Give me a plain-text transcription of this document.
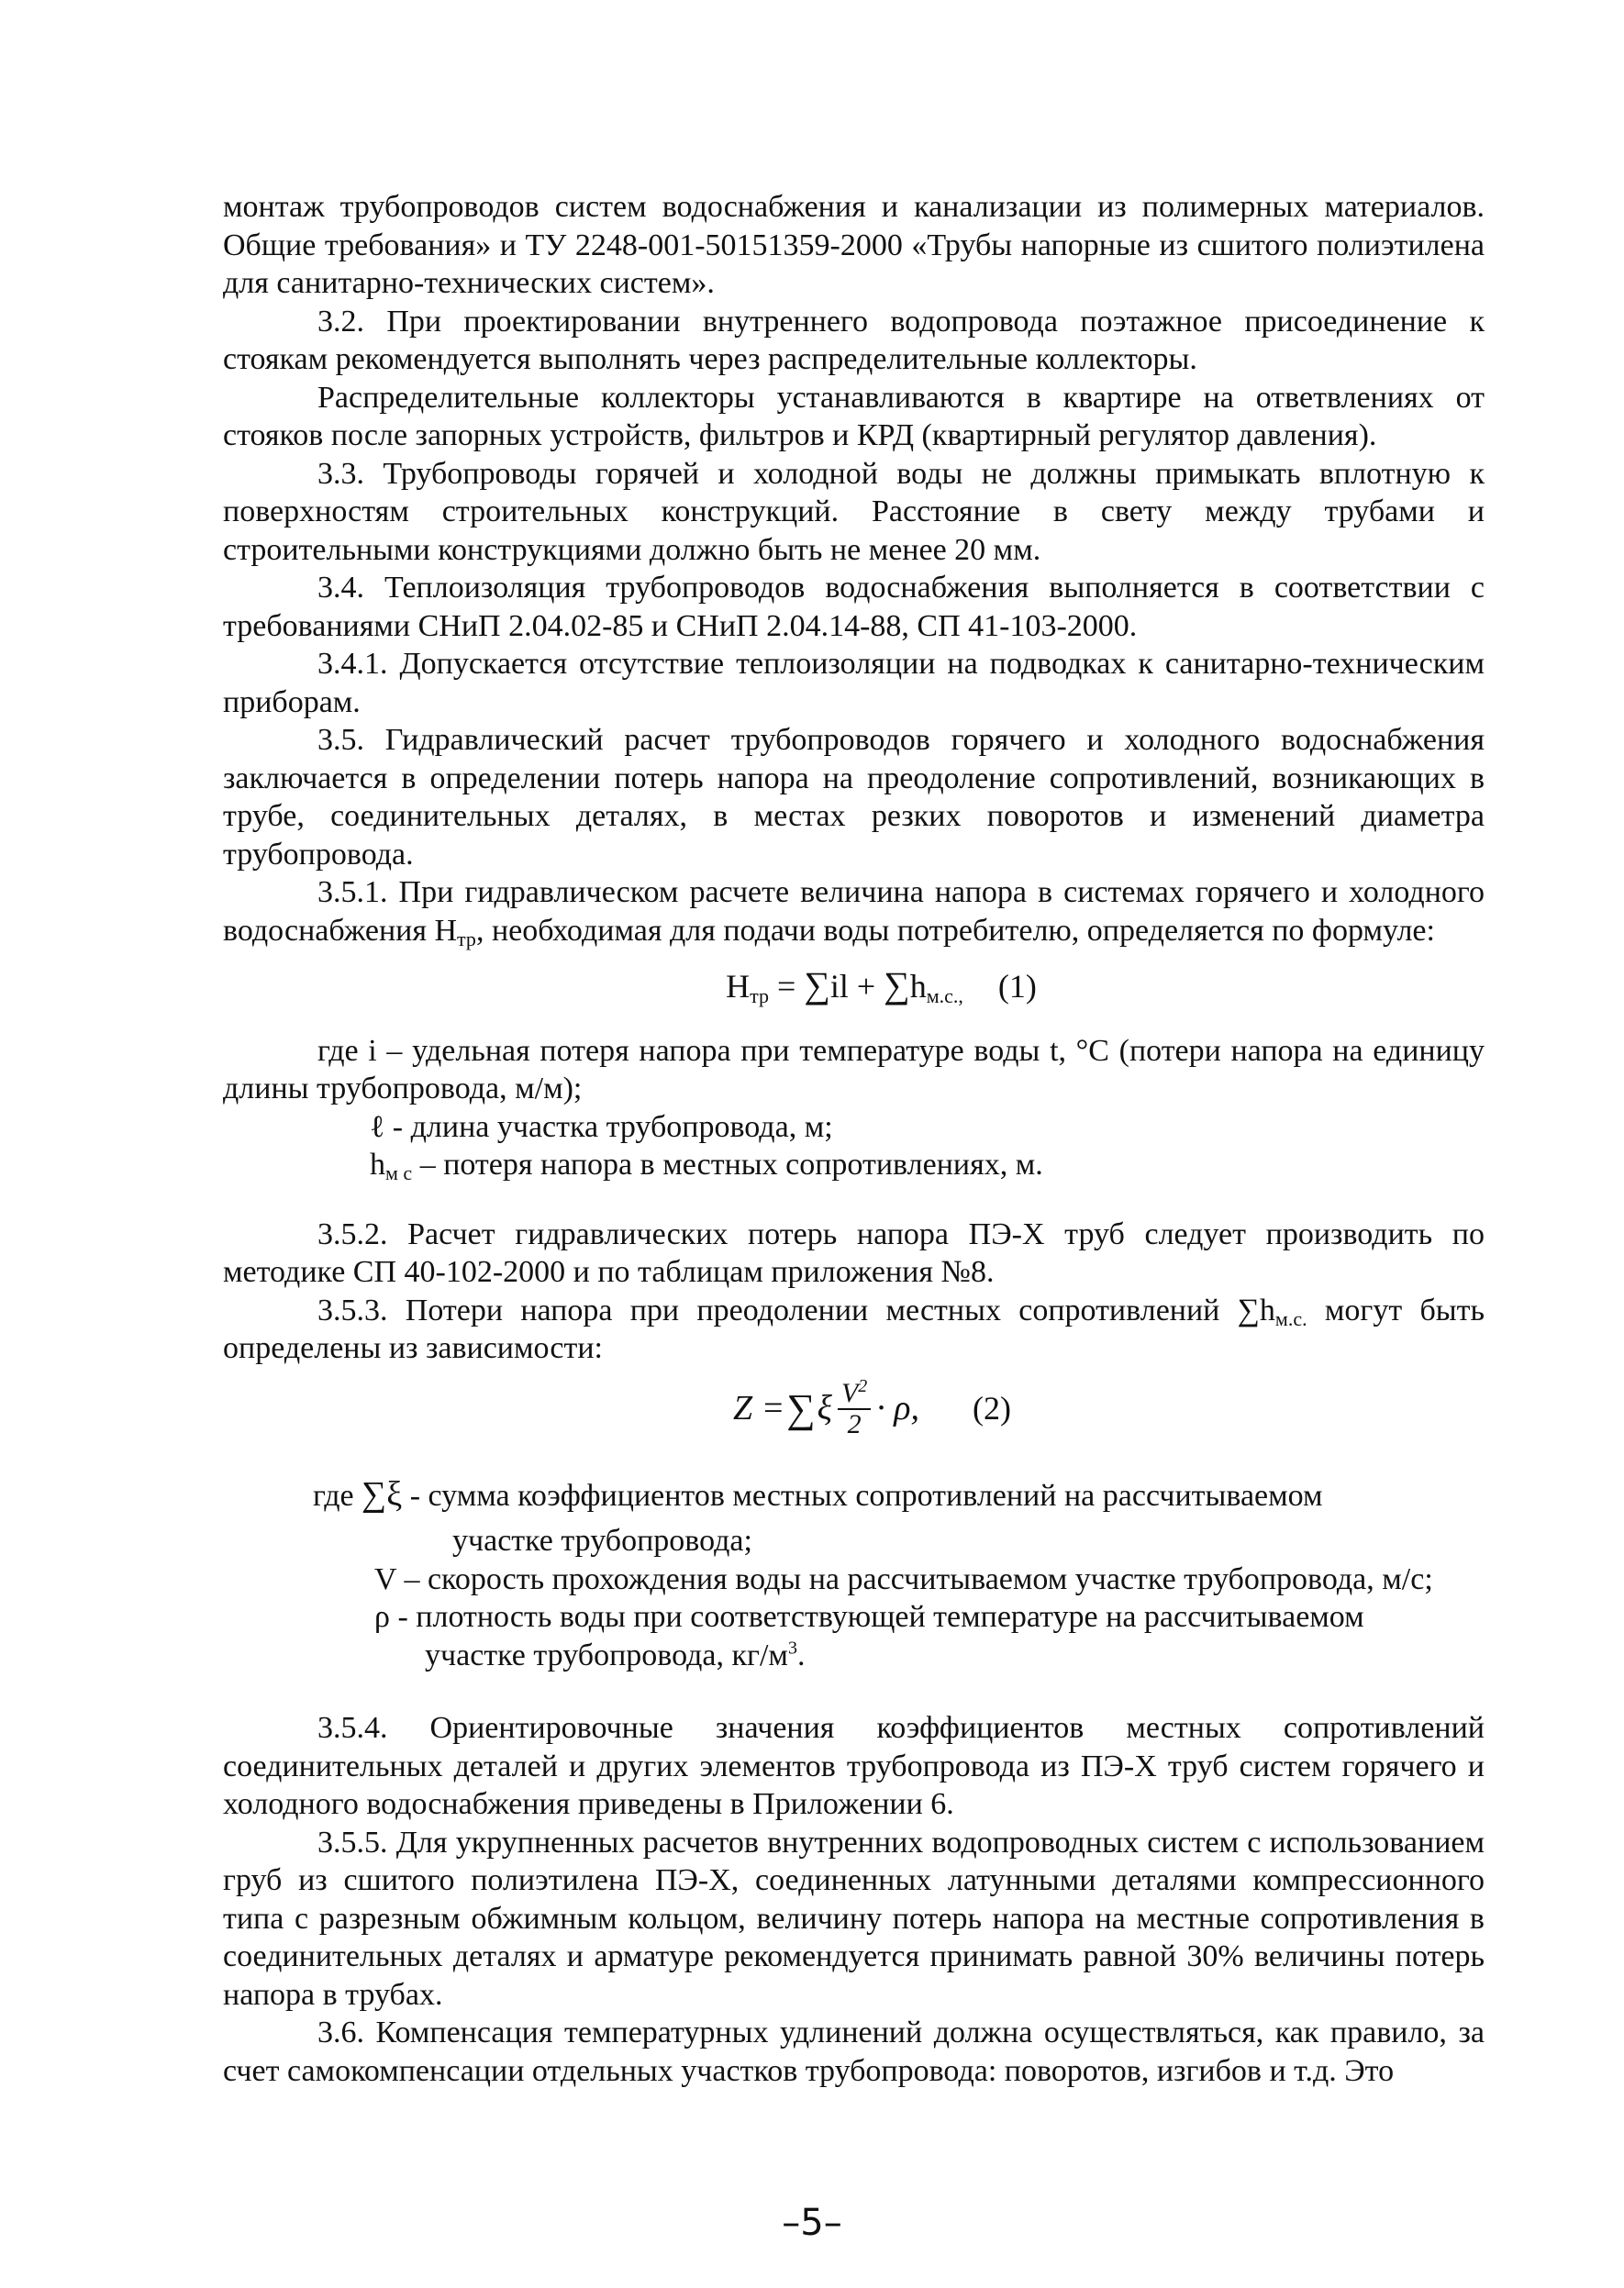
монтаж трубопроводов систем водоснабжения и канализации из полимерных материалов. Общие требования» и ТУ 2248-001-50151359-2000 «Трубы напорные из сшитого полиэтилена для санитарно-технических систем».

3.2. При проектировании внутреннего водопровода поэтажное присоединение к стоякам рекомендуется выполнять через распределительные коллекторы.

Распределительные коллекторы устанавливаются в квартире на ответвлениях от стояков после запорных устройств, фильтров и КРД (квартирный регулятор давления).

3.3. Трубопроводы горячей и холодной воды не должны примыкать вплотную к поверхностям строительных конструкций. Расстояние в свету между трубами и строительными конструкциями должно быть не менее 20 мм.

3.4. Теплоизоляция трубопроводов водоснабжения выполняется в соответствии с требованиями СНиП 2.04.02-85 и СНиП 2.04.14-88, СП 41-103-2000.

3.4.1. Допускается отсутствие теплоизоляции на подводках к санитарно-техническим приборам.

3.5. Гидравлический расчет трубопроводов горячего и холодного водоснабжения заключается в определении потерь напора на преодоление сопротивлений, возникающих в трубе, соединительных деталях, в местах резких поворотов и изменений диаметра трубопровода.

3.5.1. При гидравлическом расчете величина напора в системах горячего и холодного водоснабжения $H_{тр}$, необходимая для подачи воды потребителю, определяется по формуле:

$H_{тр} = \sum il + \sum h_{м.с.,}$ (1)

где i – удельная потеря напора при температуре воды t, °С (потери напора на единицу длины трубопровода, м/м);

ℓ - длина участка трубопровода, м;

$h_{м с}$ – потеря напора в местных сопротивлениях, м.

3.5.2. Расчет гидравлических потерь напора ПЭ-Х труб следует производить по методике СП 40-102-2000 и по таблицам приложения №8.

3.5.3. Потери напора при преодолении местных сопротивлений $\sum h_{м.с.}$ могут быть определены из зависимости:

Z = ∑ ξ $\frac{V^2}{2} \cdot \rho$, (2)

где ∑ξ - сумма коэффициентов местных сопротивлений на рассчитываемом

участке трубопровода;

V – скорость прохождения воды на рассчитываемом участке трубопровода, м/с;

ρ - плотность воды при соответствующей температуре на рассчитываемом

участке трубопровода, $кг/м^3$.

3.5.4. Ориентировочные значения коэффициентов местных сопротивлений соединительных деталей и других элементов трубопровода из ПЭ-Х труб систем горячего и холодного водоснабжения приведены в Приложении 6.

3.5.5. Для укрупненных расчетов внутренних водопроводных систем с использованием груб из сшитого полиэтилена ПЭ-Х, соединенных латунными деталями компрессионного типа с разрезным обжимным кольцом, величину потерь напора на местные сопротивления в соединительных деталях и арматуре рекомендуется принимать равной 30% величины потерь напора в трубах.

3.6. Компенсация температурных удлинений должна осуществляться, как правило, за счет самокомпенсации отдельных участков трубопровода: поворотов, изгибов и т.д. Это

–5–
